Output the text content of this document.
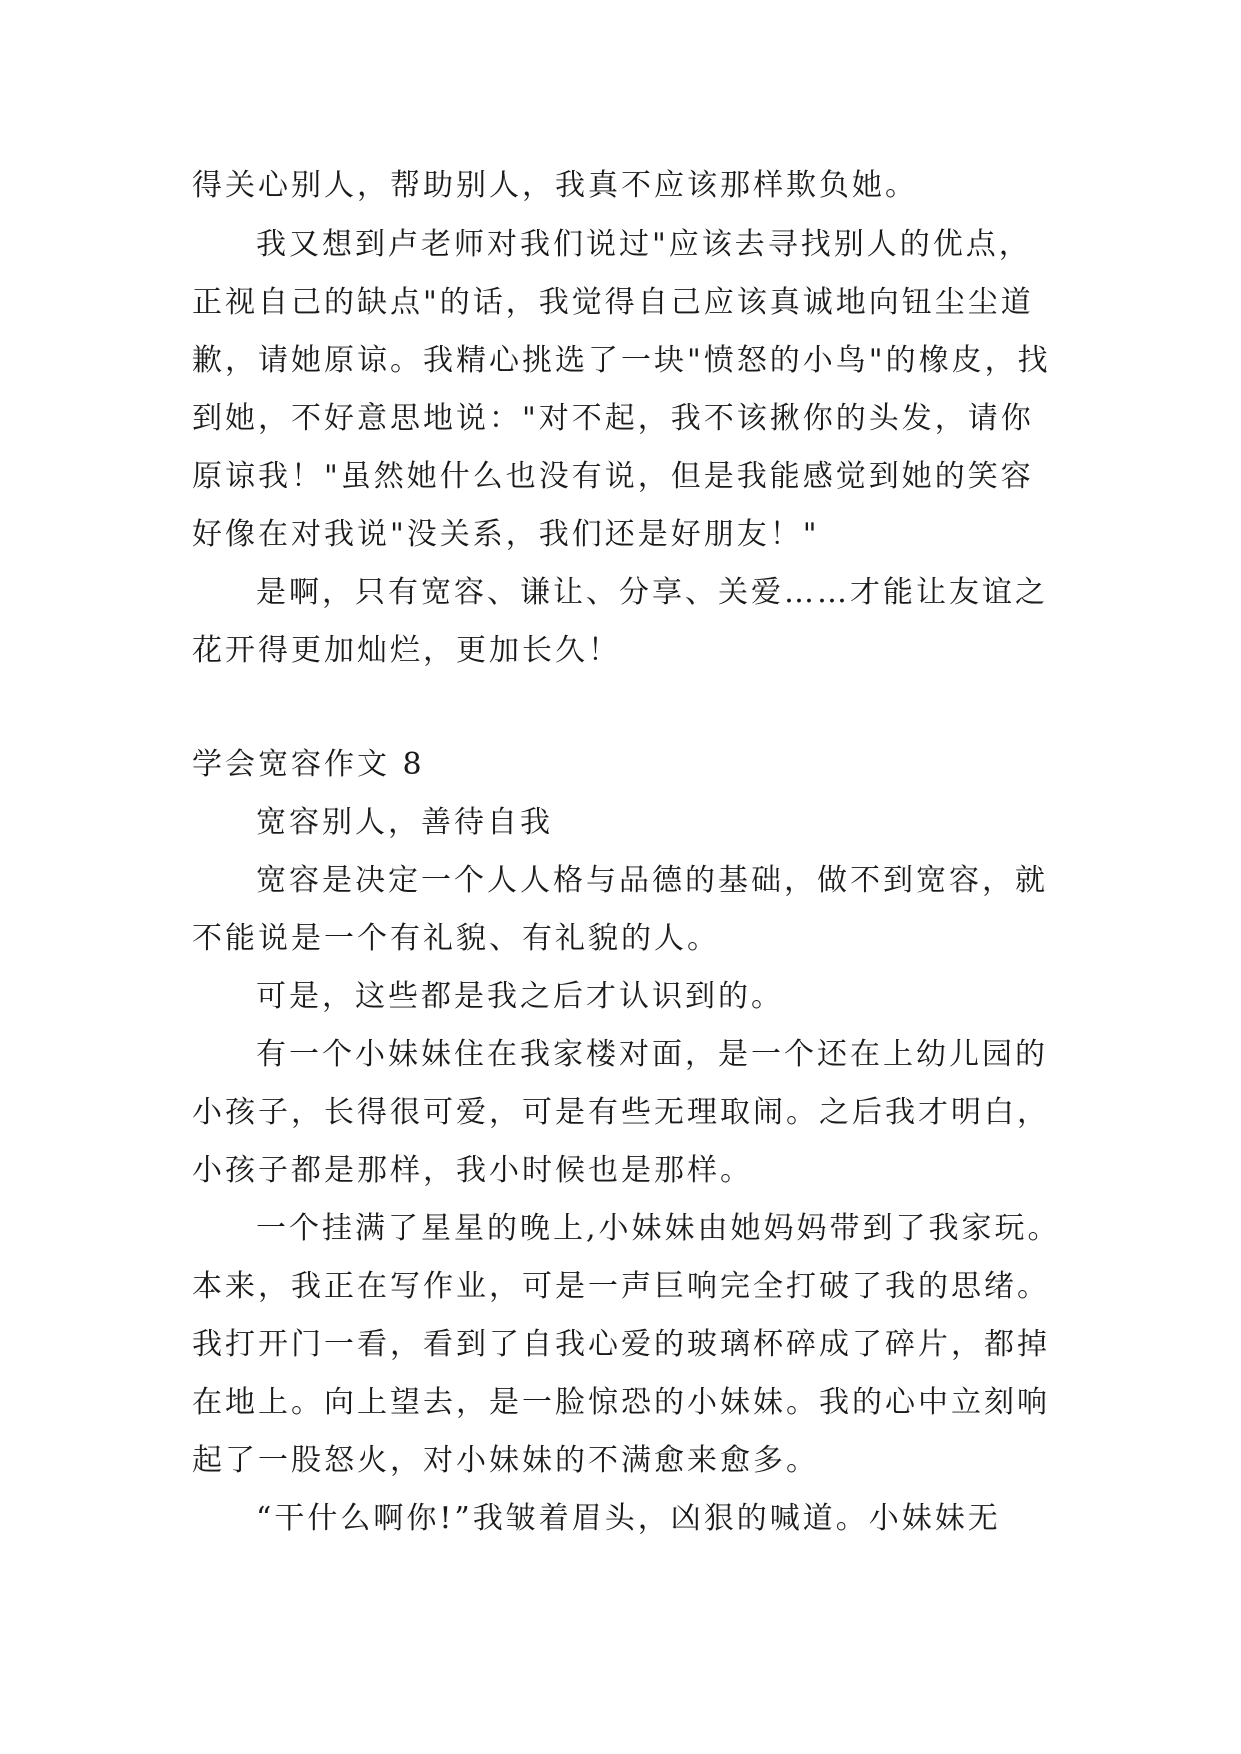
得关心别人，帮助别人，我真不应该那样欺负她。

我又想到卢老师对我们说过"应该去寻找别人的优点，

正视自己的缺点"的话，我觉得自己应该真诚地向钮尘尘道

歉，请她原谅。我精心挑选了一块"愤怒的小鸟"的橡皮，找

到她，不好意思地说："对不起，我不该揪你的头发，请你

原谅我！"虽然她什么也没有说，但是我能感觉到她的笑容

好像在对我说"没关系，我们还是好朋友！"

是啊，只有宽容、谦让、分享、关爱……才能让友谊之

花开得更加灿烂，更加长久！

学会宽容作文 8

宽容别人，善待自我

宽容是决定一个人人格与品德的基础，做不到宽容，就

不能说是一个有礼貌、有礼貌的人。

可是，这些都是我之后才认识到的。

有一个小妹妹住在我家楼对面，是一个还在上幼儿园的

小孩子，长得很可爱，可是有些无理取闹。之后我才明白，

小孩子都是那样，我小时候也是那样。

一个挂满了星星的晚上,小妹妹由她妈妈带到了我家玩。

本来，我正在写作业，可是一声巨响完全打破了我的思绪。

我打开门一看，看到了自我心爱的玻璃杯碎成了碎片，都掉

在地上。向上望去，是一脸惊恐的小妹妹。我的心中立刻响

起了一股怒火，对小妹妹的不满愈来愈多。

“干什么啊你!”我皱着眉头，凶狠的喊道。小妹妹无
